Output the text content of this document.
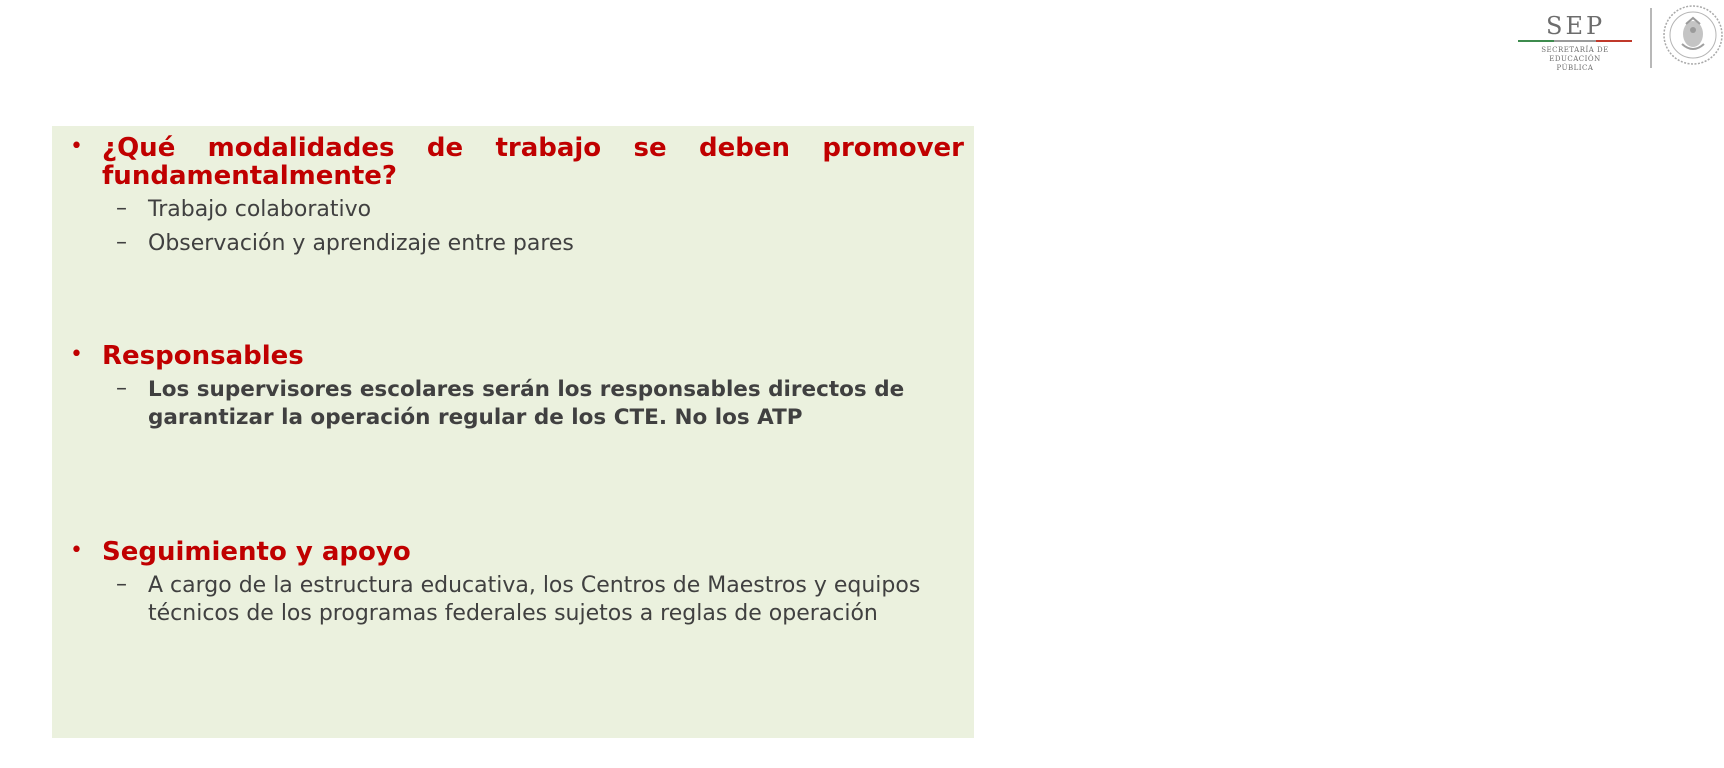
SEP
SECRETARÍA DE
EDUCACIÓN PÚBLICA
• ¿Qué modalidades de trabajo se deben promover fundamentalmente?
– Trabajo colaborativo
– Observación y aprendizaje entre pares
• Responsables
– Los supervisores escolares serán los responsables directos de garantizar la operación regular de los CTE. No los ATP
• Seguimiento y apoyo
– A cargo de la estructura educativa, los Centros de Maestros y equipos técnicos de los programas federales sujetos a reglas de operación
